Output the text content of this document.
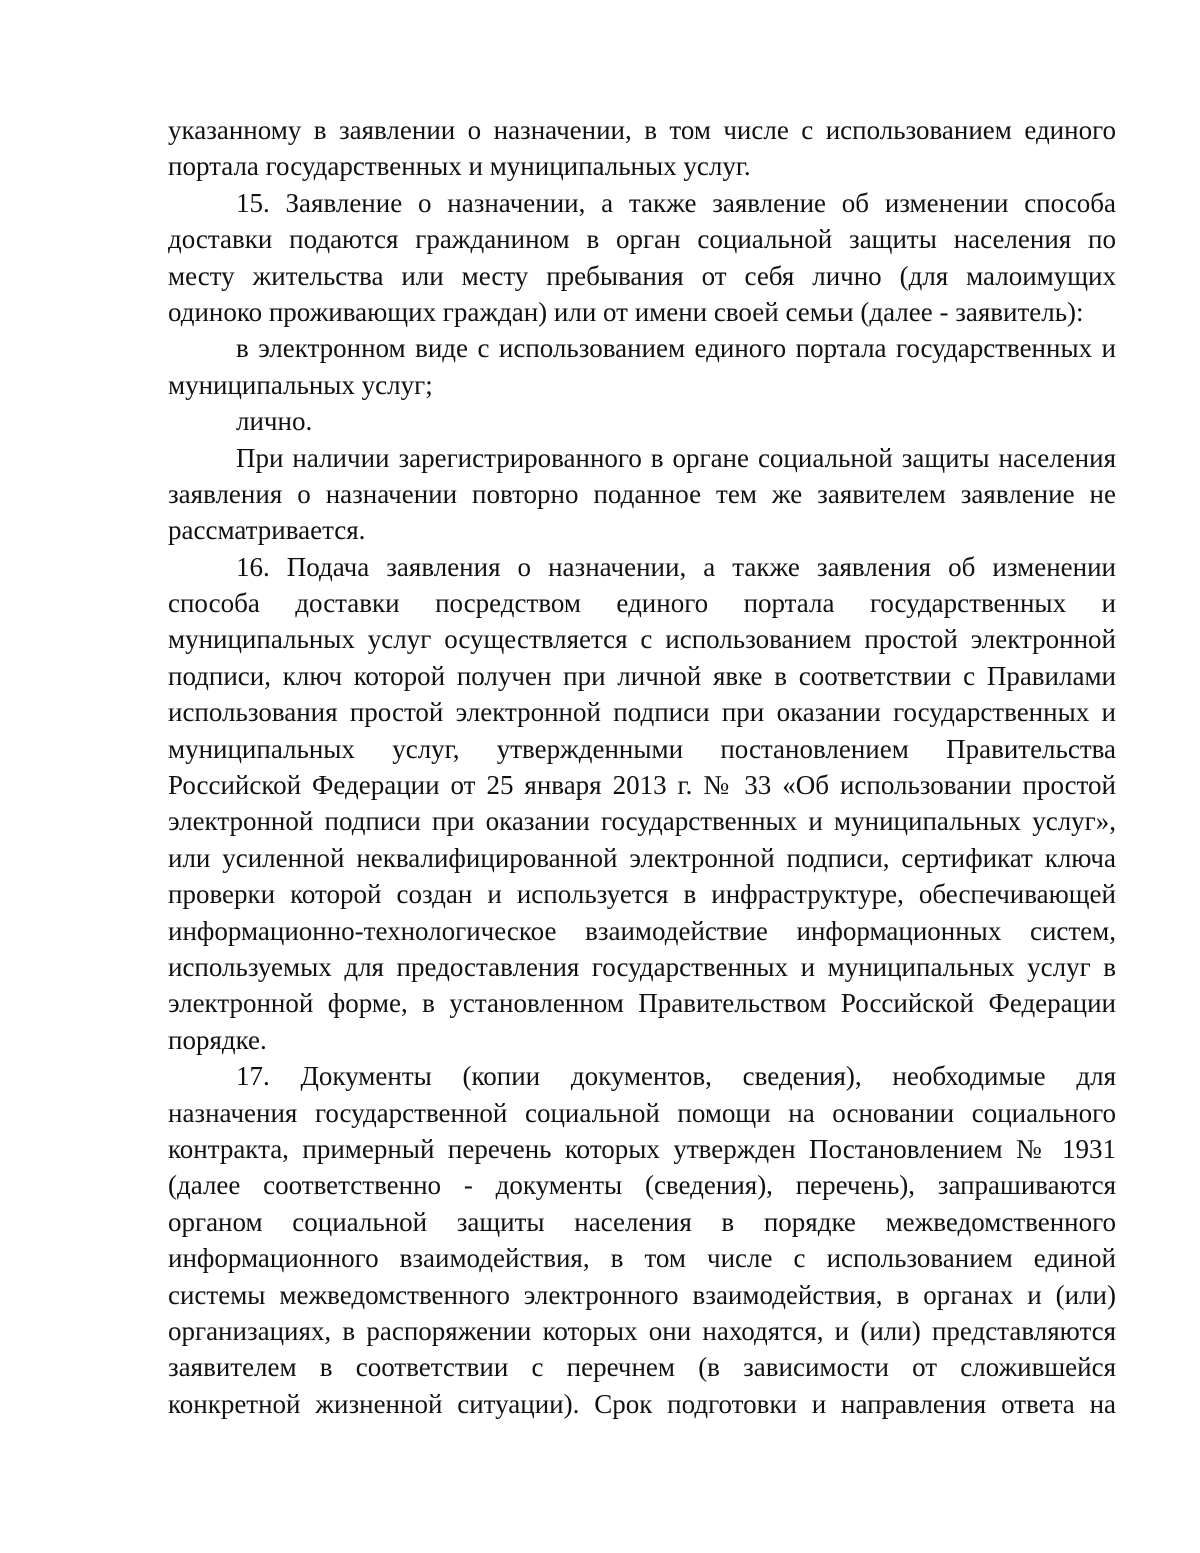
указанному в заявлении о назначении, в том числе с использованием единого
портала государственных и муниципальных услуг.
15. Заявление о назначении, а также заявление об изменении способа
доставки подаются гражданином в орган социальной защиты населения по
месту жительства или месту пребывания от себя лично (для малоимущих
одиноко проживающих граждан) или от имени своей семьи (далее - заявитель):
в электронном виде с использованием единого портала государственных и
муниципальных услуг;
лично.
При наличии зарегистрированного в органе социальной защиты населения
заявления о назначении повторно поданное тем же заявителем заявление не
рассматривается.
16. Подача заявления о назначении, а также заявления об изменении
способа доставки посредством единого портала государственных и
муниципальных услуг осуществляется с использованием простой электронной
подписи, ключ которой получен при личной явке в соответствии с Правилами
использования простой электронной подписи при оказании государственных и
муниципальных услуг, утвержденными постановлением Правительства
Российской Федерации от 25 января 2013 г. № 33 «Об использовании простой
электронной подписи при оказании государственных и муниципальных услуг»,
или усиленной неквалифицированной электронной подписи, сертификат ключа
проверки которой создан и используется в инфраструктуре, обеспечивающей
информационно-технологическое взаимодействие информационных систем,
используемых для предоставления государственных и муниципальных услуг в
электронной форме, в установленном Правительством Российской Федерации
порядке.
17. Документы (копии документов, сведения), необходимые для
назначения государственной социальной помощи на основании социального
контракта, примерный перечень которых утвержден Постановлением № 1931
(далее соответственно - документы (сведения), перечень), запрашиваются
органом социальной защиты населения в порядке межведомственного
информационного взаимодействия, в том числе с использованием единой
системы межведомственного электронного взаимодействия, в органах и (или)
организациях, в распоряжении которых они находятся, и (или) представляются
заявителем в соответствии с перечнем (в зависимости от сложившейся
конкретной жизненной ситуации). Срок подготовки и направления ответа на
